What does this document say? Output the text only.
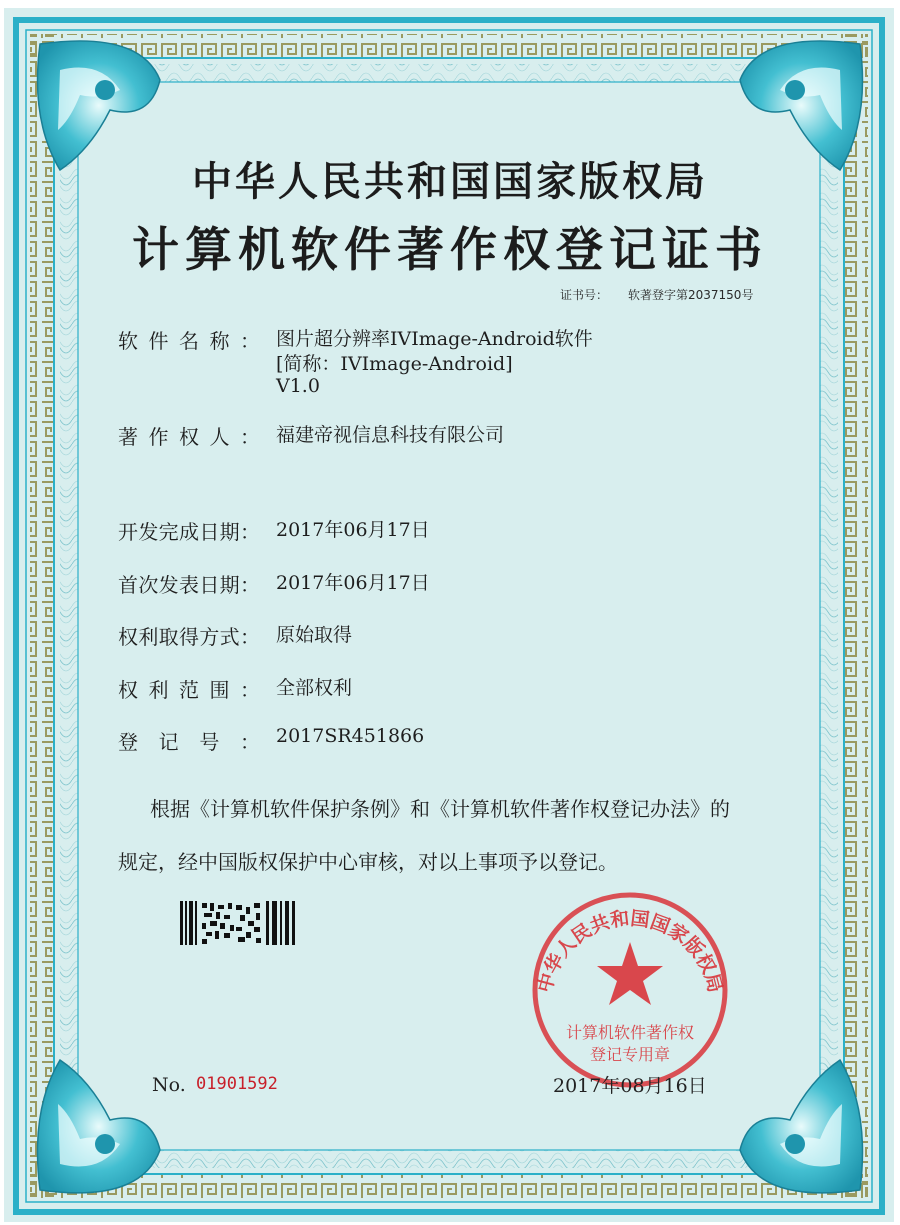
中华人民共和国国家版权局
计算机软件著作权登记证书
证书号： 软著登字第2037150号
软 件 名 称 ： 图片超分辨率IVImage-Android软件
[简称：IVImage-Android]
V1.0
著 作 权 人 ： 福建帝视信息科技有限公司
开 发 完 成 日 期 ： 2017年06月17日
首 次 发 表 日 期 ： 2017年06月17日
权 利 取 得 方 式 ： 原始取得
权 利 范 围 ： 全部权利
登 记 号 ： 2017SR451866
根据《计算机软件保护条例》和《计算机软件著作权登记办法》的
规定，经中国版权保护中心审核，对以上事项予以登记。
中华人民共和国国家版权局
计算机软件著作权
登记专用章
No. 01901592	2017年08月16日
